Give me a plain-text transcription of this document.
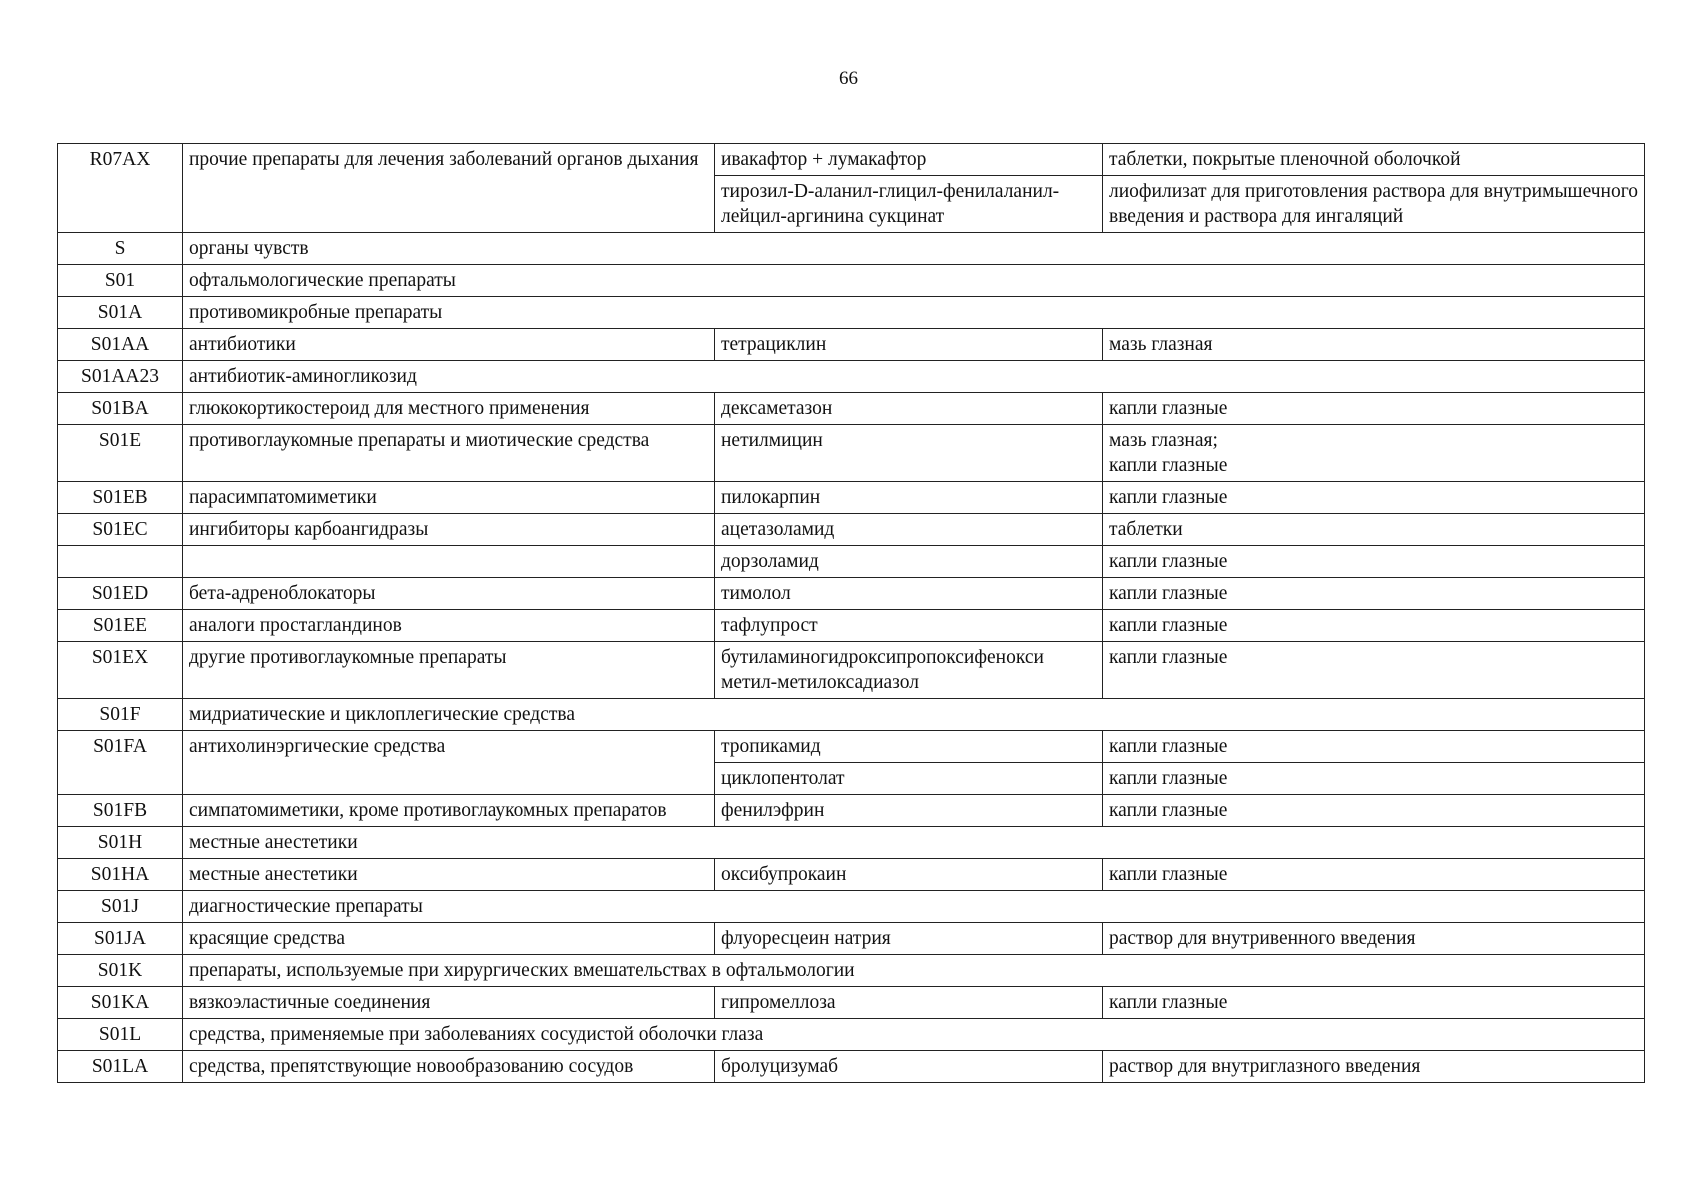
66
R07AX	прочие препараты для лечения заболеваний органов дыхания	ивакафтор + лумакафтор	таблетки, покрытые пленочной оболочкой
		тирозил-D-аланил-глицил-фенилаланил-лейцил-аргинина сукцинат	лиофилизат для приготовления раствора для внутримышечного введения и раствора для ингаляций
S	органы чувств		
S01	офтальмологические препараты		
S01A	противомикробные препараты		
S01AA	антибиотики	тетрациклин	мазь глазная
S01AA23	антибиотик-аминогликозид		
S01BA	глюкокортикостероид для местного применения	дексаметазон	капли глазные
S01E	противоглаукомные препараты и миотические средства	нетилмицин	мазь глазная;
капли глазные
S01EB	парасимпатомиметики	пилокарпин	капли глазные
S01EC	ингибиторы карбоангидразы	ацетазоламид	таблетки
		дорзоламид	капли глазные
S01ED	бета-адреноблокаторы	тимолол	капли глазные
S01EE	аналоги простагландинов	тафлупрост	капли глазные
S01EX	другие противоглаукомные препараты	бутиламиногидроксипропоксифенокси метил-метилоксадиазол	капли глазные
S01F	мидриатические и циклоплегические средства		
S01FA	антихолинэргические средства	тропикамид	капли глазные
		циклопентолат	капли глазные
S01FB	симпатомиметики, кроме противоглаукомных препаратов	фенилэфрин	капли глазные
S01H	местные анестетики		
S01HA	местные анестетики	оксибупрокаин	капли глазные
S01J	диагностические препараты		
S01JA	красящие средства	флуоресцеин натрия	раствор для внутривенного введения
S01K	препараты, используемые при хирургических вмешательствах в офтальмологии		
S01KA	вязкоэластичные соединения	гипромеллоза	капли глазные
S01L	средства, применяемые при заболеваниях сосудистой оболочки глаза		
S01LA	средства, препятствующие новообразованию сосудов	бролуцизумаб	раствор для внутриглазного введения
